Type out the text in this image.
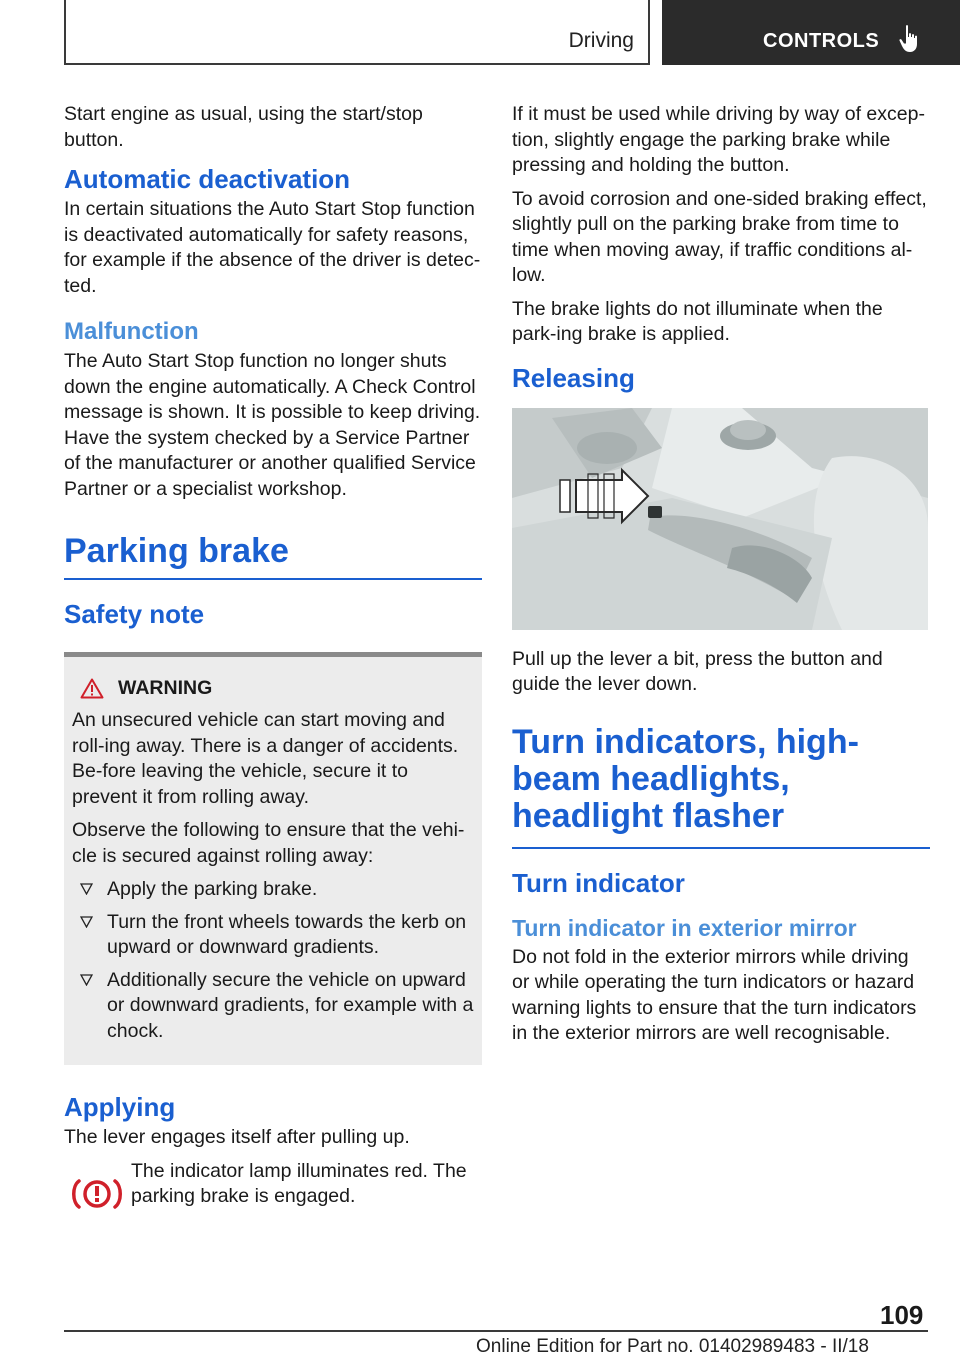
Driving	CONTROLS

Start engine as usual, using the start/stop button.

Automatic deactivation

In certain situations the Auto Start Stop function is deactivated automatically for safety reasons, for example if the absence of the driver is detec-ted.

Malfunction

The Auto Start Stop function no longer shuts down the engine automatically. A Check Control message is shown. It is possible to keep driving. Have the system checked by a Service Partner of the manufacturer or another qualified Service Partner or a specialist workshop.

Parking brake
Safety note
WARNING

An unsecured vehicle can start moving and roll-ing away. There is a danger of accidents. Be-fore leaving the vehicle, secure it to prevent it from rolling away.

Observe the following to ensure that the vehi-cle is secured against rolling away:

Apply the parking brake.
Turn the front wheels towards the kerb on upward or downward gradients.
Additionally secure the vehicle on upward or downward gradients, for example with a chock.
Applying

The lever engages itself after pulling up.

The indicator lamp illuminates red. The parking brake is engaged.

If it must be used while driving by way of excep-tion, slightly engage the parking brake while pressing and holding the button.

To avoid corrosion and one-sided braking effect, slightly pull on the parking brake from time to time when moving away, if traffic conditions al-low.

The brake lights do not illuminate when the park-ing brake is applied.

Releasing

Pull up the lever a bit, press the button and guide the lever down.

Turn indicators, high-beam headlights, headlight flasher
Turn indicator
Turn indicator in exterior mirror

Do not fold in the exterior mirrors while driving or while operating the turn indicators or hazard warning lights to ensure that the turn indicators in the exterior mirrors are well recognisable.

109
Online Edition for Part no. 01402989483 - II/18
